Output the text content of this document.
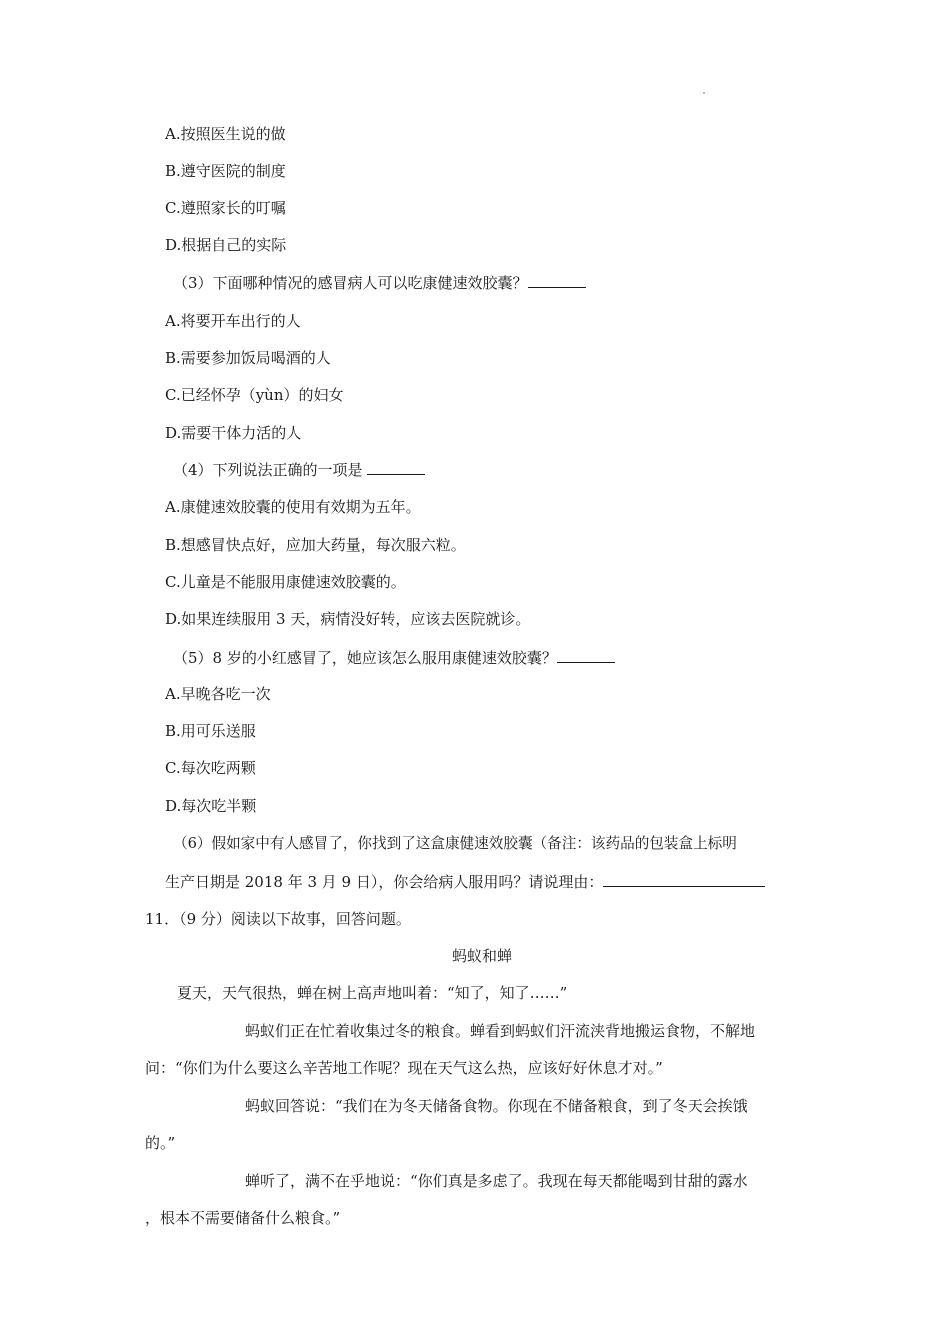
A.按照医生说的做
B.遵守医院的制度
C.遵照家长的叮嘱
D.根据自己的实际
（3）下面哪种情况的感冒病人可以吃康健速效胶囊？
A.将要开车出行的人
B.需要参加饭局喝酒的人
C.已经怀孕（yùn）的妇女
D.需要干体力活的人
（4）下列说法正确的一项是
A.康健速效胶囊的使用有效期为五年。
B.想感冒快点好，应加大药量，每次服六粒。
C.儿童是不能服用康健速效胶囊的。
D.如果连续服用 3 天，病情没好转，应该去医院就诊。
（5）8 岁的小红感冒了，她应该怎么服用康健速效胶囊？
A.早晚各吃一次
B.用可乐送服
C.每次吃两颗
D.每次吃半颗
（6）假如家中有人感冒了，你找到了这盒康健速效胶囊（备注：该药品的包装盒上标明
生产日期是 2018 年 3 月 9 日），你会给病人服用吗？请说理由：
11．（9 分）阅读以下故事，回答问题。
蚂蚁和蝉
夏天，天气很热，蝉在树上高声地叫着：“知了，知了……”
蚂蚁们正在忙着收集过冬的粮食。蝉看到蚂蚁们汗流浃背地搬运食物，不解地
问：“你们为什么要这么辛苦地工作呢？现在天气这么热，应该好好休息才对。”
蚂蚁回答说：“我们在为冬天储备食物。你现在不储备粮食，到了冬天会挨饿
的。”
蝉听了，满不在乎地说：“你们真是多虑了。我现在每天都能喝到甘甜的露水
，根本不需要储备什么粮食。”
